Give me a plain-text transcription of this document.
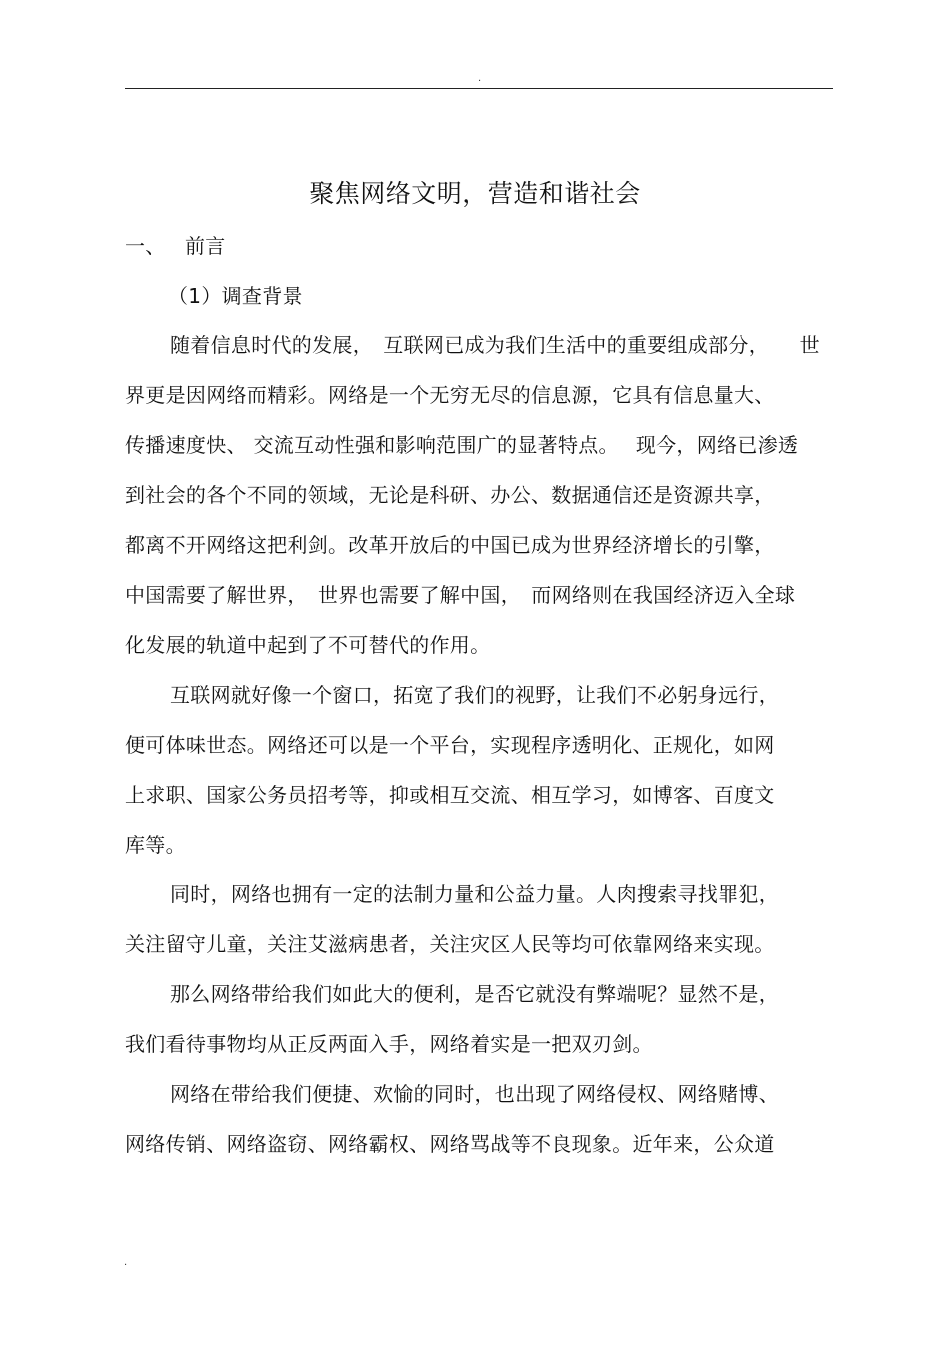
.
聚焦网络文明，营造和谐社会
一、 前言
（1）调查背景
随着信息时代的发展，　互联网已成为我们生活中的重要组成部分，　　世
界更是因网络而精彩。网络是一个无穷无尽的信息源，它具有信息量大、
传播速度快、 交流互动性强和影响范围广的显著特点。　 现今，网络已渗透
到社会的各个不同的领域，无论是科研、办公、数据通信还是资源共享，
都离不开网络这把利剑。改革开放后的中国已成为世界经济增长的引擎，
中国需要了解世界，　世界也需要了解中国，　而网络则在我国经济迈入全球
化发展的轨道中起到了不可替代的作用。
互联网就好像一个窗口，拓宽了我们的视野，让我们不必躬身远行，
便可体味世态。网络还可以是一个平台，实现程序透明化、正规化，如网
上求职、国家公务员招考等，抑或相互交流、相互学习，如博客、百度文
库等。
同时，网络也拥有一定的法制力量和公益力量。人肉搜索寻找罪犯，
关注留守儿童，关注艾滋病患者，关注灾区人民等均可依靠网络来实现。
那么网络带给我们如此大的便利，是否它就没有弊端呢？显然不是，
我们看待事物均从正反两面入手，网络着实是一把双刃剑。
网络在带给我们便捷、欢愉的同时，也出现了网络侵权、网络赌博、
网络传销、网络盗窃、网络霸权、网络骂战等不良现象。近年来，公众道
.
